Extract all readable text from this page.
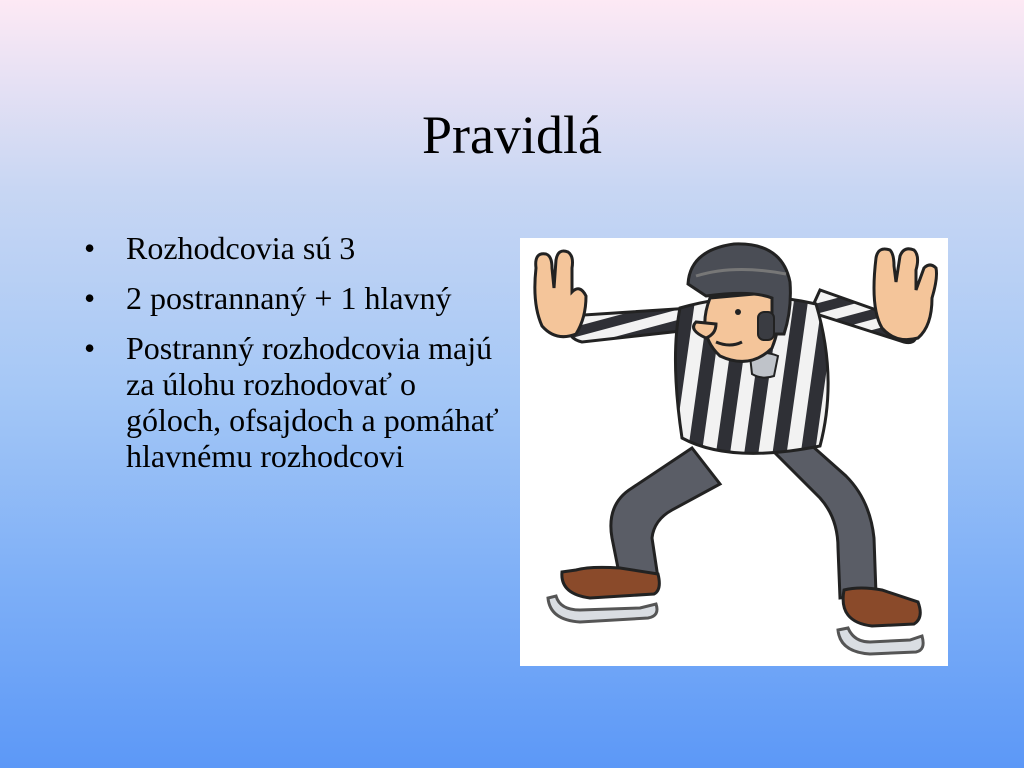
Pravidlá
• Rozhodcovia sú 3
• 2 postrannaný + 1 hlavný
• Postranný rozhodcovia majú za úlohu rozhodovať o góloch, ofsajdoch a pomáhať hlavnému rozhodcovi
